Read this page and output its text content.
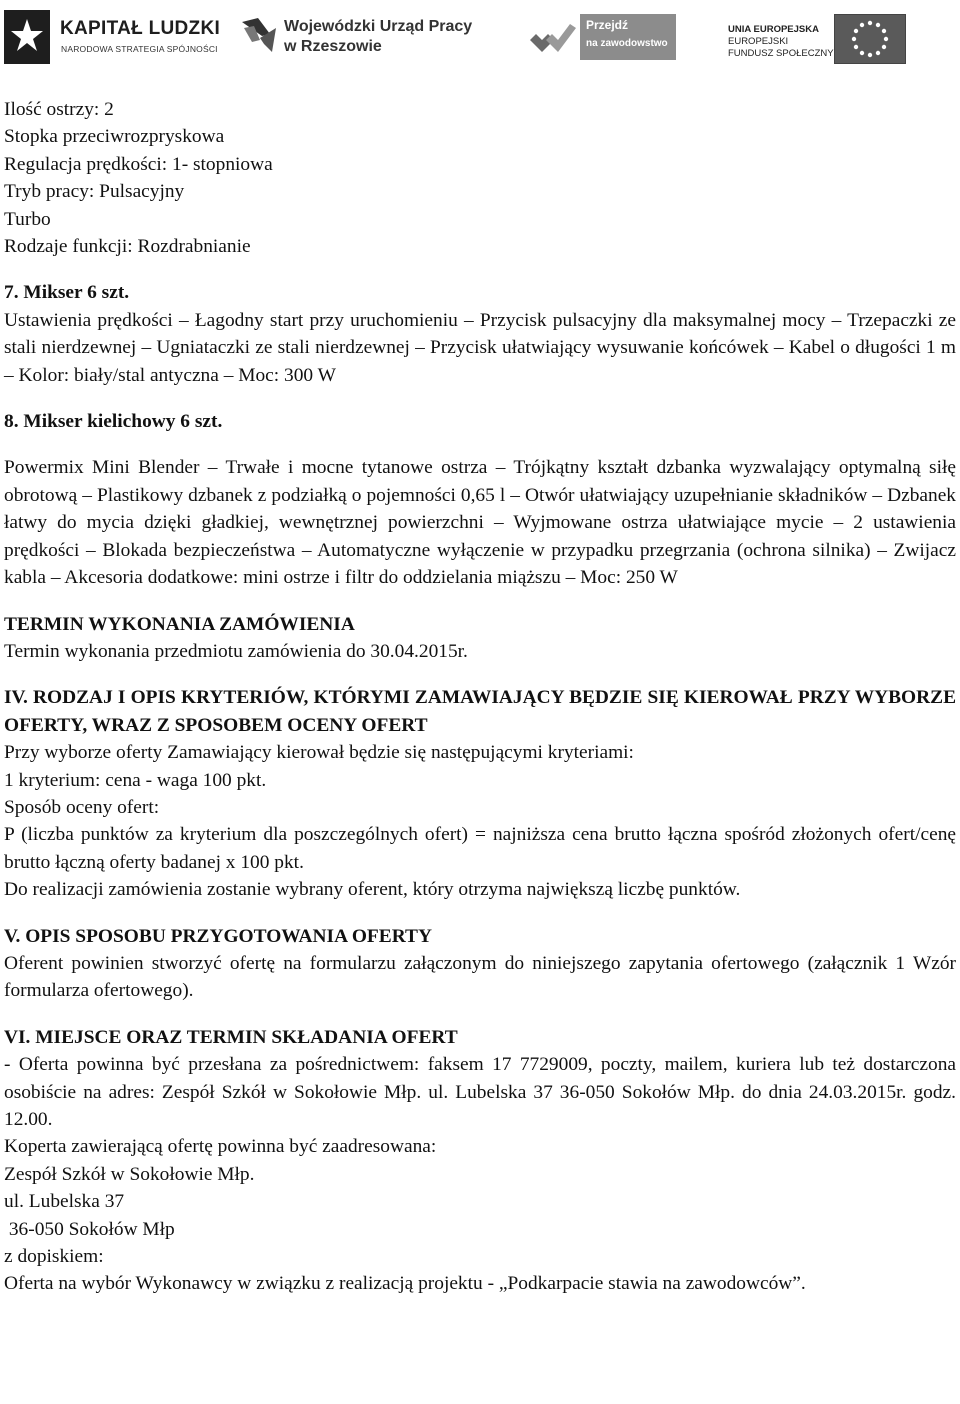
KAPITAŁ LUDZKI
NARODOWA STRATEGIA SPÓJNOŚCI
Wojewódzki Urząd Pracy
w Rzeszowie
Przejdź
na zawodowstwo
UNIA EUROPEJSKA
EUROPEJSKI
FUNDUSZ SPOŁECZNY

Ilość ostrzy: 2

Stopka przeciwrozpryskowa

Regulacja prędkości: 1- stopniowa

Tryb pracy: Pulsacyjny

Turbo

Rodzaje funkcji: Rozdrabnianie

7. Mikser 6 szt.

Ustawienia prędkości – Łagodny start przy uruchomieniu – Przycisk pulsacyjny dla maksymalnej mocy – Trzepaczki ze stali nierdzewnej – Ugniataczki ze stali nierdzewnej – Przycisk ułatwiający wysuwanie końcówek – Kabel o długości 1 m – Kolor: biały/stal antyczna – Moc: 300 W

8. Mikser kielichowy 6 szt.

Powermix Mini Blender – Trwałe i mocne tytanowe ostrza – Trójkątny kształt dzbanka wyzwalający optymalną siłę obrotową – Plastikowy dzbanek z podziałką o pojemności 0,65 l – Otwór ułatwiający uzupełnianie składników – Dzbanek łatwy do mycia dzięki gładkiej, wewnętrznej powierzchni – Wyjmowane ostrza ułatwiające mycie – 2 ustawienia prędkości – Blokada bezpieczeństwa – Automatyczne wyłączenie w przypadku przegrzania (ochrona silnika) – Zwijacz kabla – Akcesoria dodatkowe: mini ostrze i filtr do oddzielania miąższu – Moc: 250 W

TERMIN WYKONANIA ZAMÓWIENIA

Termin wykonania przedmiotu zamówienia do 30.04.2015r.

IV. RODZAJ I OPIS KRYTERIÓW, KTÓRYMI ZAMAWIAJĄCY BĘDZIE SIĘ KIEROWAŁ PRZY WYBORZE OFERTY, WRAZ Z SPOSOBEM OCENY OFERT

Przy wyborze oferty Zamawiający kierował będzie się następującymi kryteriami:

1 kryterium: cena - waga 100 pkt.

Sposób oceny ofert:

P (liczba punktów za kryterium dla poszczególnych ofert) = najniższa cena brutto łączna spośród złożonych ofert/cenę brutto łączną oferty badanej x 100 pkt.

Do realizacji zamówienia zostanie wybrany oferent, który otrzyma największą liczbę punktów.

V. OPIS SPOSOBU PRZYGOTOWANIA OFERTY

Oferent powinien stworzyć ofertę na formularzu załączonym do niniejszego zapytania ofertowego (załącznik 1 Wzór formularza ofertowego).

VI. MIEJSCE ORAZ TERMIN SKŁADANIA OFERT

- Oferta powinna być przesłana za pośrednictwem: faksem 17 7729009, poczty, mailem, kuriera lub też dostarczona osobiście na adres: Zespół Szkół w Sokołowie Młp. ul. Lubelska 37 36-050 Sokołów Młp. do dnia 24.03.2015r. godz. 12.00.

Koperta zawierającą ofertę powinna być zaadresowana:

Zespół Szkół w Sokołowie Młp.

ul. Lubelska 37

36-050 Sokołów Młp

z dopiskiem:

Oferta na wybór Wykonawcy w związku z realizacją projektu - „Podkarpacie stawia na zawodowców”.
